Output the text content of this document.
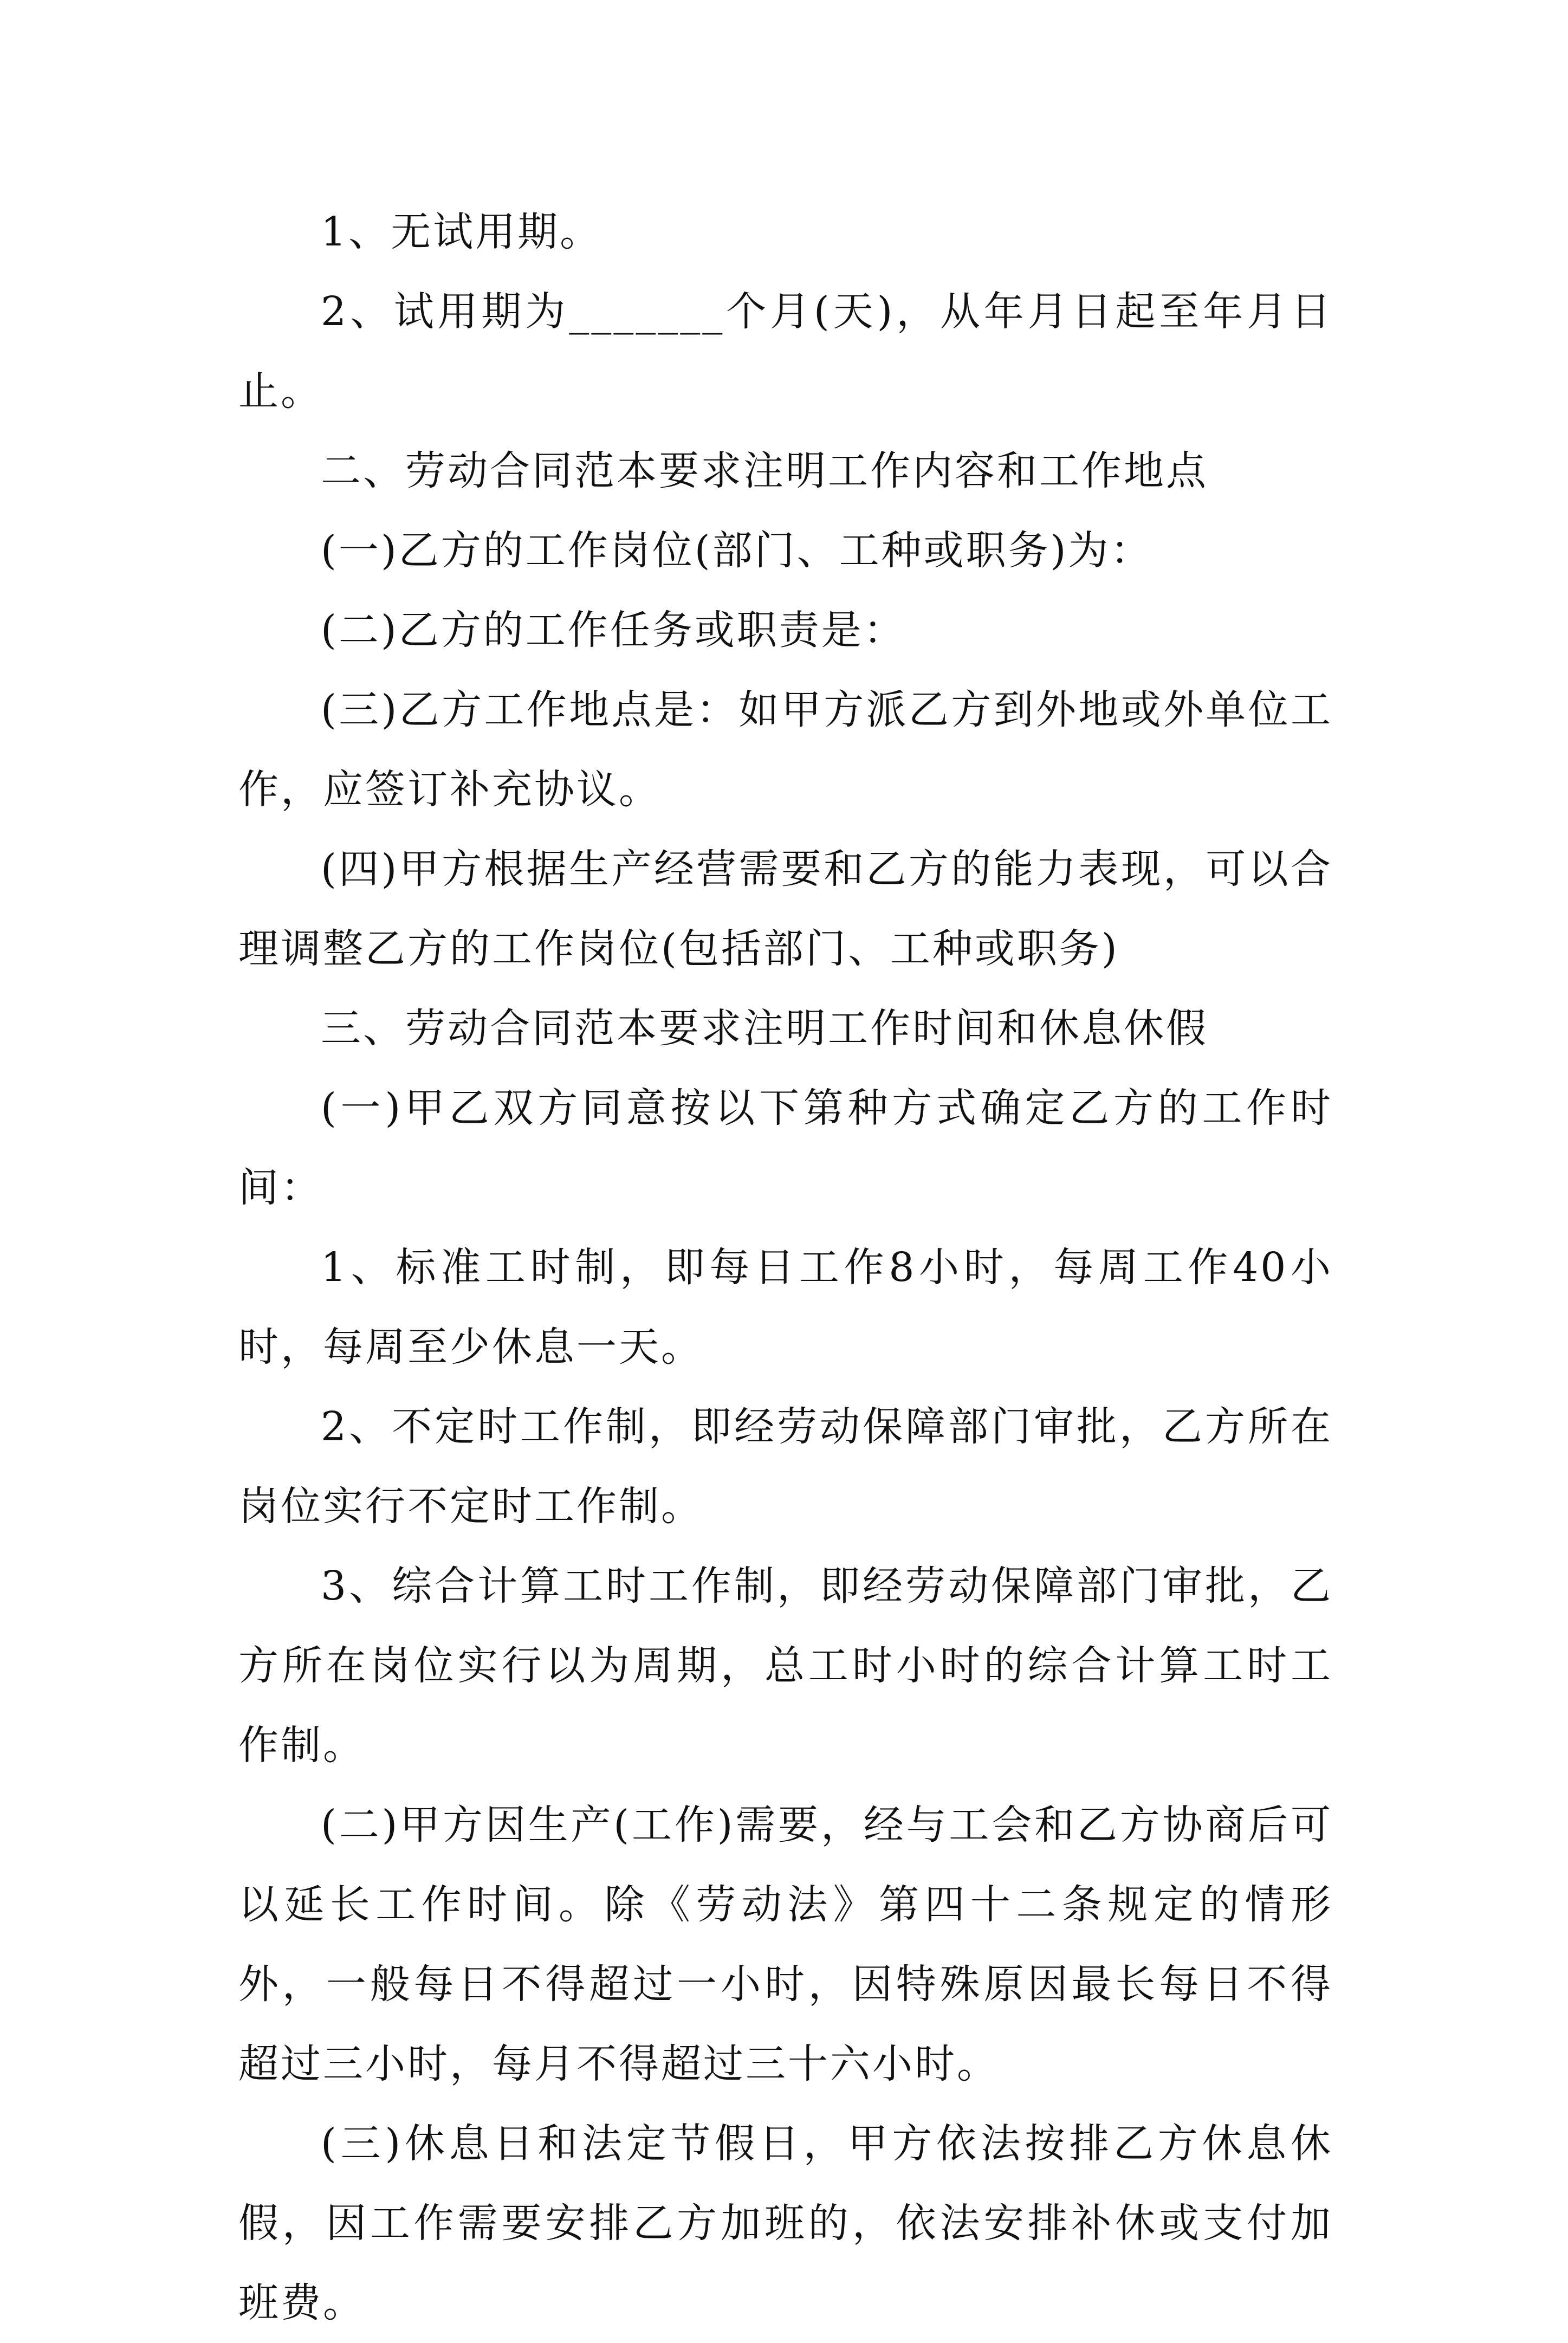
1、无试用期。

2、试用期为_______个月(天)，从年月日起至年月日止。

二、劳动合同范本要求注明工作内容和工作地点

(一)乙方的工作岗位(部门、工种或职务)为：

(二)乙方的工作任务或职责是：

(三)乙方工作地点是：如甲方派乙方到外地或外单位工作，应签订补充协议。

(四)甲方根据生产经营需要和乙方的能力表现，可以合理调整乙方的工作岗位(包括部门、工种或职务)

三、劳动合同范本要求注明工作时间和休息休假

(一)甲乙双方同意按以下第种方式确定乙方的工作时间：

1、标准工时制，即每日工作8小时，每周工作40小时，每周至少休息一天。

2、不定时工作制，即经劳动保障部门审批，乙方所在岗位实行不定时工作制。

3、综合计算工时工作制，即经劳动保障部门审批，乙方所在岗位实行以为周期，总工时小时的综合计算工时工作制。

(二)甲方因生产(工作)需要，经与工会和乙方协商后可以延长工作时间。除《劳动法》第四十二条规定的情形外，一般每日不得超过一小时，因特殊原因最长每日不得超过三小时，每月不得超过三十六小时。

(三)休息日和法定节假日，甲方依法按排乙方休息休假，因工作需要安排乙方加班的，依法安排补休或支付加班费。
